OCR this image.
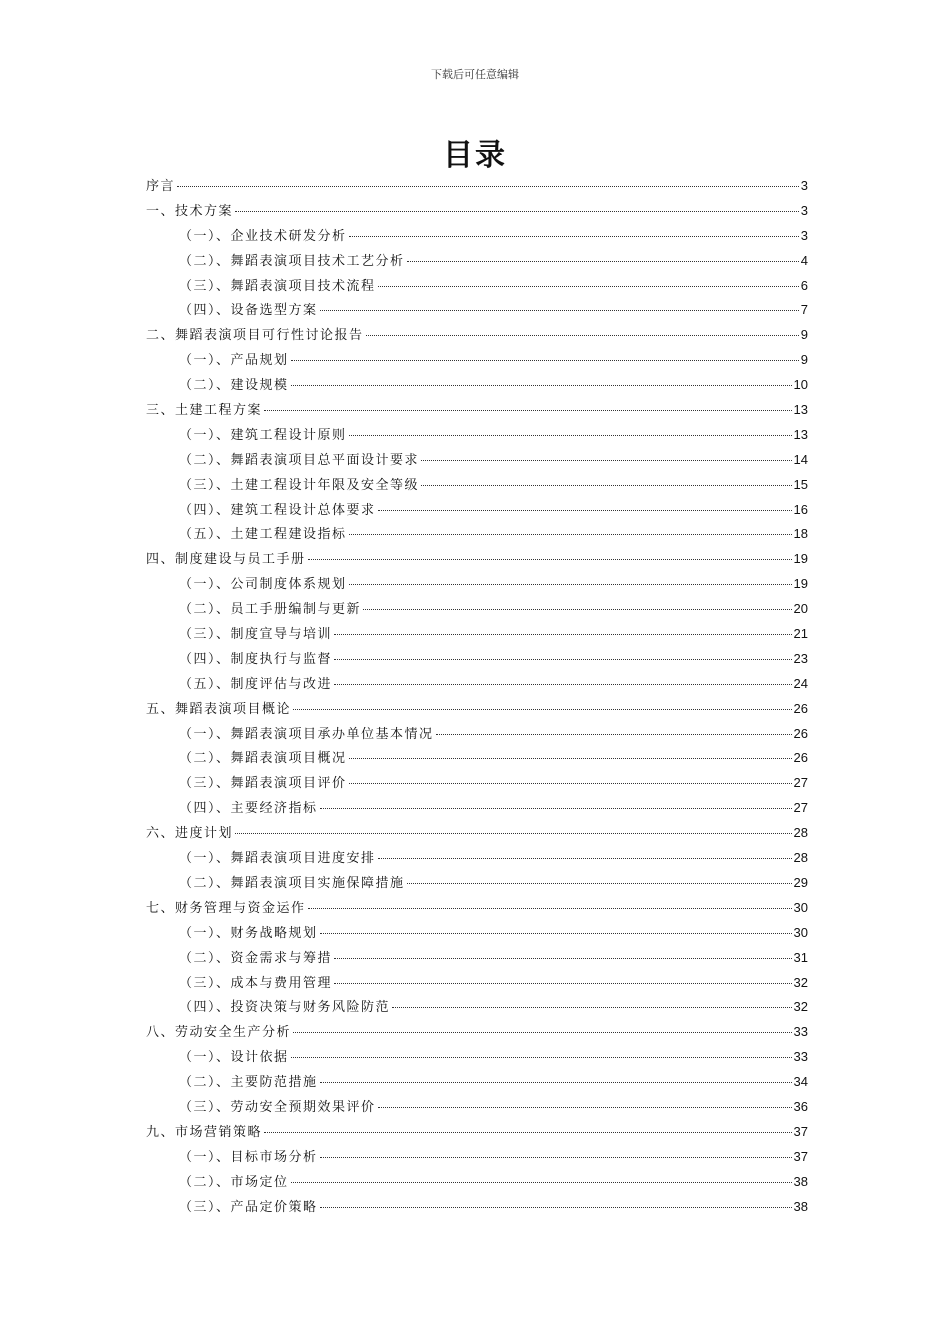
下载后可任意编辑
目录
序言	3
一、技术方案	3
（一）、企业技术研发分析	3
（二）、舞蹈表演项目技术工艺分析	4
（三）、舞蹈表演项目技术流程	6
（四）、设备选型方案	7
二、舞蹈表演项目可行性讨论报告	9
（一）、产品规划	9
（二）、建设规模	10
三、土建工程方案	13
（一）、建筑工程设计原则	13
（二）、舞蹈表演项目总平面设计要求	14
（三）、土建工程设计年限及安全等级	15
（四）、建筑工程设计总体要求	16
（五）、土建工程建设指标	18
四、制度建设与员工手册	19
（一）、公司制度体系规划	19
（二）、员工手册编制与更新	20
（三）、制度宣导与培训	21
（四）、制度执行与监督	23
（五）、制度评估与改进	24
五、舞蹈表演项目概论	26
（一）、舞蹈表演项目承办单位基本情况	26
（二）、舞蹈表演项目概况	26
（三）、舞蹈表演项目评价	27
（四）、主要经济指标	27
六、进度计划	28
（一）、舞蹈表演项目进度安排	28
（二）、舞蹈表演项目实施保障措施	29
七、财务管理与资金运作	30
（一）、财务战略规划	30
（二）、资金需求与筹措	31
（三）、成本与费用管理	32
（四）、投资决策与财务风险防范	32
八、劳动安全生产分析	33
（一）、设计依据	33
（二）、主要防范措施	34
（三）、劳动安全预期效果评价	36
九、市场营销策略	37
（一）、目标市场分析	37
（二）、市场定位	38
（三）、产品定价策略	38
